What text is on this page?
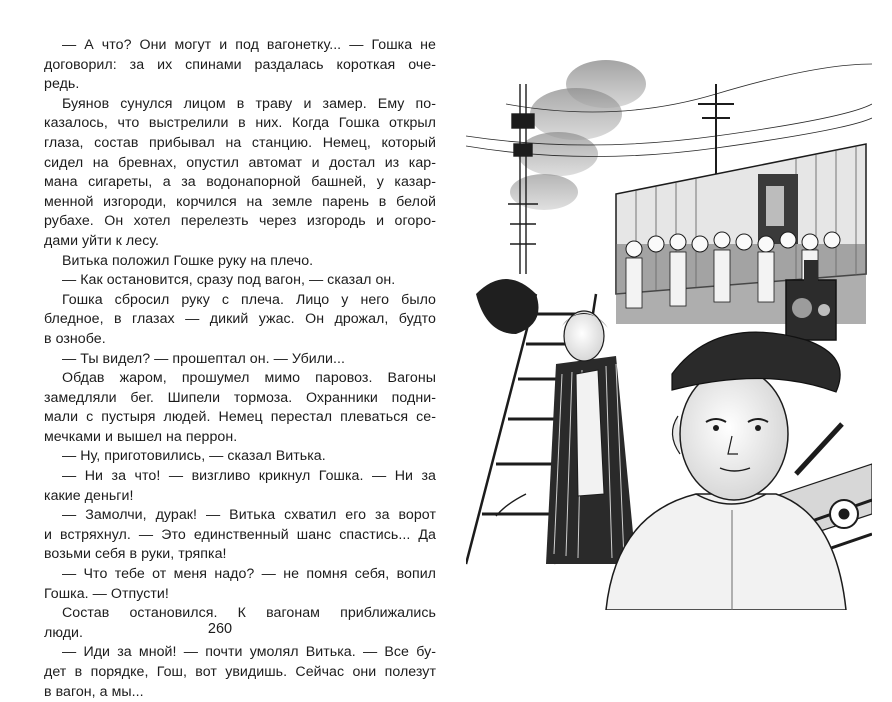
— А что? Они могут и под вагонетку... — Гошка не
договорил: за их спинами раздалась короткая оче-
редь.
Буянов сунулся лицом в траву и замер. Ему по-
казалось, что выстрелили в них. Когда Гошка открыл
глаза, состав прибывал на станцию. Немец, который
сидел на бревнах, опустил автомат и достал из кар-
мана сигареты, а за водонапорной башней, у казар-
менной изгороди, корчился на земле парень в белой
рубахе. Он хотел перелезть через изгородь и огоро-
дами уйти к лесу.
Витька положил Гошке руку на плечо.
— Как остановится, сразу под вагон, — сказал он.
Гошка сбросил руку с плеча. Лицо у него было
бледное, в глазах — дикий ужас. Он дрожал, будто
в ознобе.
— Ты видел? — прошептал он. — Убили...
Обдав жаром, прошумел мимо паровоз. Вагоны
замедляли бег. Шипели тормоза. Охранники подни-
мали с пустыря людей. Немец перестал плеваться се-
мечками и вышел на перрон.
— Ну, приготовились, — сказал Витька.
— Ни за что! — визгливо крикнул Гошка. — Ни за
какие деньги!
— Замолчи, дурак! — Витька схватил его за ворот
и встряхнул. — Это единственный шанс спастись... Да
возьми себя в руки, тряпка!
— Что тебе от меня надо? — не помня себя, вопил
Гошка. — Отпусти!
Состав остановился. К вагонам приближались
люди.
— Иди за мной! — почти умолял Витька. — Все бу-
дет в порядке, Гош, вот увидишь. Сейчас они полезут
в вагон, а мы...
260
